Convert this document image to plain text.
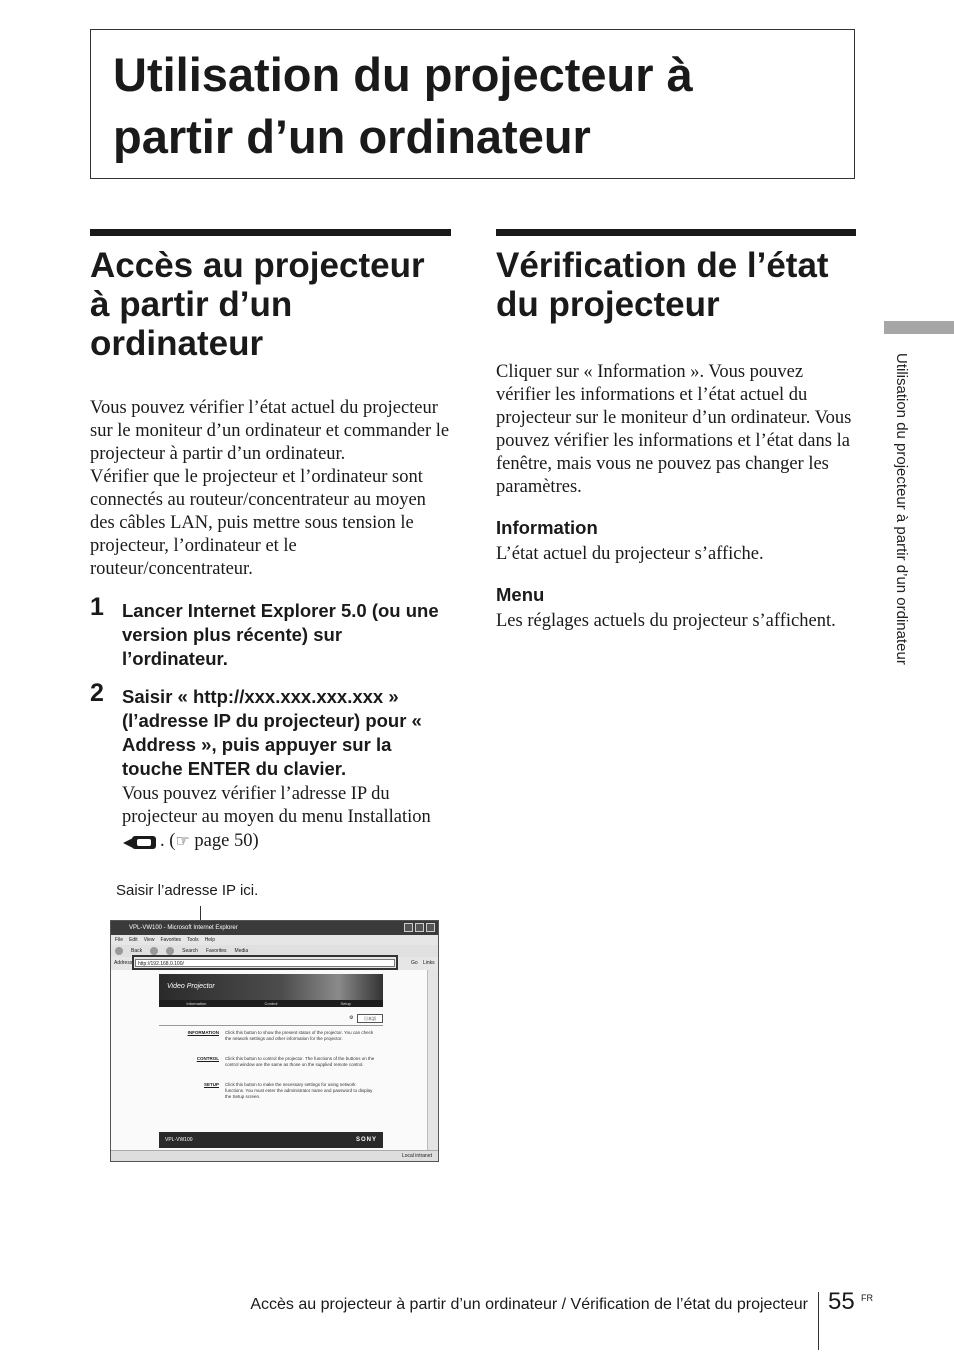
Utilisation du projecteur à
partir d’un ordinateur
Accès au projecteur
à partir d’un
ordinateur

Vous pouvez vérifier l’état actuel du projecteur sur le moniteur d’un ordinateur et commander le projecteur à partir d’un ordinateur.

Vérifier que le projecteur et l’ordinateur sont connectés au routeur/concentrateur au moyen des câbles LAN, puis mettre sous tension le projecteur, l’ordinateur et le routeur/concentrateur.

1 Lancer Internet Explorer 5.0 (ou une version plus récente) sur l’ordinateur.

2 Saisir « http://xxx.xxx.xxx.xxx » (l’adresse IP du projecteur) pour « Address », puis appuyer sur la touche ENTER du clavier.

Vous pouvez vérifier l’adresse IP du projecteur au moyen du menu Installation

. (☞ page 50)

Saisir l’adresse IP ici.
VPL-VW100 - Microsoft Internet Explorer
File Edit View Favorites Tools Help
Back	Search Favorites Media
Address	http://192.168.0.100/	Go Links
Video Projector
Information	Control	Setup
⚙	日本語
INFORMATION Click this button to show the present status of the projector. You can check the network settings and other information for the projector.
CONTROL Click this button to control the projector. The functions of the buttons on the control window are the same as those on the supplied remote control.
SETUP Click this button to make the necessary settings for using network functions. You must enter the administrator name and password to display the Setup screen.
VPL-VW100	SONY
Local intranet
Vérification de l’état
du projecteur

Cliquer sur « Information ». Vous pouvez vérifier les informations et l’état actuel du projecteur sur le moniteur d’un ordinateur. Vous pouvez vérifier les informations et l’état dans la fenêtre, mais vous ne pouvez pas changer les paramètres.

Information

L’état actuel du projecteur s’affiche.

Menu

Les réglages actuels du projecteur s’affichent.	Utilisation du projecteur à partir d’un ordinateur
Accès au projecteur à partir d’un ordinateur / Vérification de l’état du projecteur 55 FR
